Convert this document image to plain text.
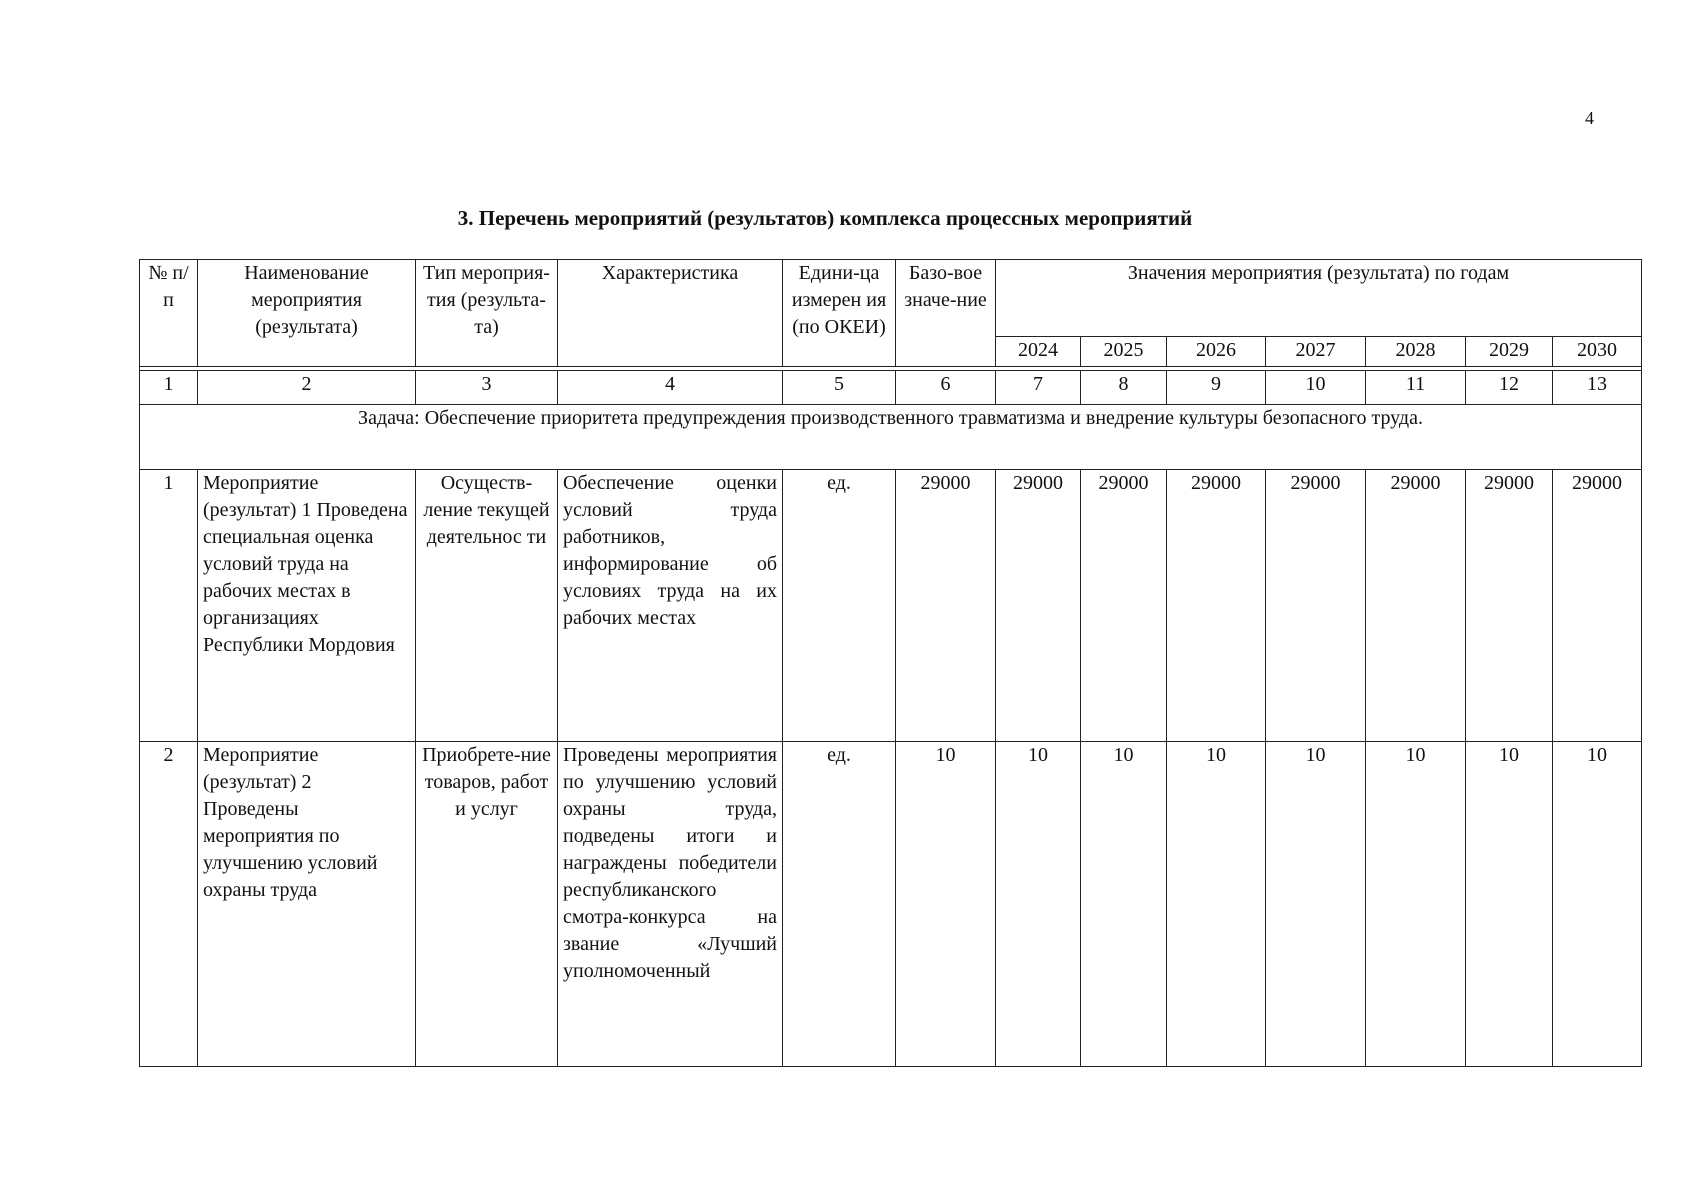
4
3. Перечень мероприятий (результатов) комплекса процессных мероприятий
№ п/п	Наименование мероприятия (результата)	Тип мероприя-тия (результа-та)	Характеристика	Едини-ца измерен ия (по ОКЕИ)	Базо-вое значе-ние	Значения мероприятия (результата) по годам						
						2024	2025	2026	2027	2028	2029	2030

1	2	3	4	5	6	7	8	9	10	11	12	13
Задача: Обеспечение приоритета предупреждения производственного травматизма и внедрение культуры безопасного труда.												
1	Мероприятие (результат) 1 Проведена специальная оценка условий труда на рабочих местах в организациях Республики Мордовия	Осуществ-ление текущей деятельнос ти	Обеспечение оценки условий труда работников, информирование об условиях труда на их рабочих местах	ед.	29000	29000	29000	29000	29000	29000	29000	29000
2	Мероприятие (результат) 2 Проведены мероприятия по улучшению условий охраны труда	Приобрете-ние товаров, работ и услуг	Проведены мероприятия по улучшению условий охраны труда, подведены итоги и награждены победители республиканского смотра-конкурса на звание «Лучший уполномоченный	ед.	10	10	10	10	10	10	10	10
